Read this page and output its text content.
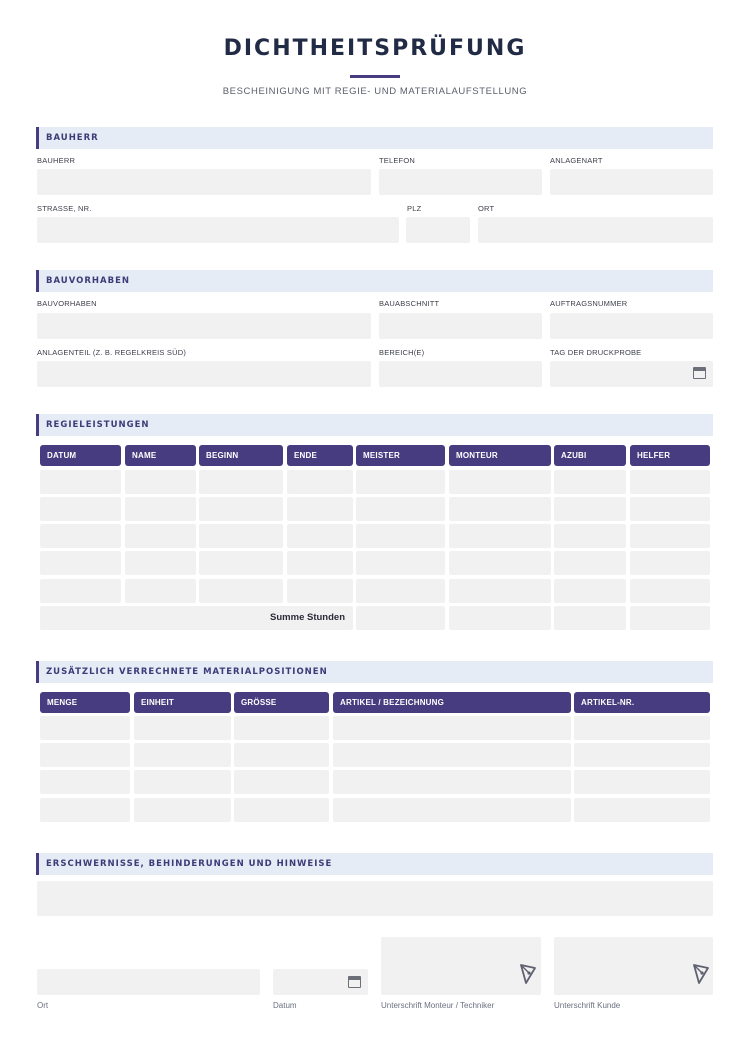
DICHTHEITSPRÜFUNG
BESCHEINIGUNG MIT REGIE- UND MATERIALAUFSTELLUNG
BAUHERR
BAUHERR	TELEFON	ANLAGENART
STRASSE, NR.	PLZ	ORT
BAUVORHABEN
BAUVORHABEN	BAUABSCHNITT	AUFTRAGSNUMMER
ANLAGENTEIL (Z. B. REGELKREIS SÜD)	BEREICH(E)	TAG DER DRUCKPROBE
REGIELEISTUNGEN
DATUM	NAME	BEGINN	ENDE	MEISTER	MONTEUR	AZUBI	HELFER
Summe Stunden
ZUSÄTZLICH VERRECHNETE MATERIALPOSITIONEN
MENGE	EINHEIT	GRÖSSE	ARTIKEL / BEZEICHNUNG	ARTIKEL-NR.
ERSCHWERNISSE, BEHINDERUNGEN UND HINWEISE
Ort	Datum	Unterschrift Monteur / Techniker	Unterschrift Kunde
